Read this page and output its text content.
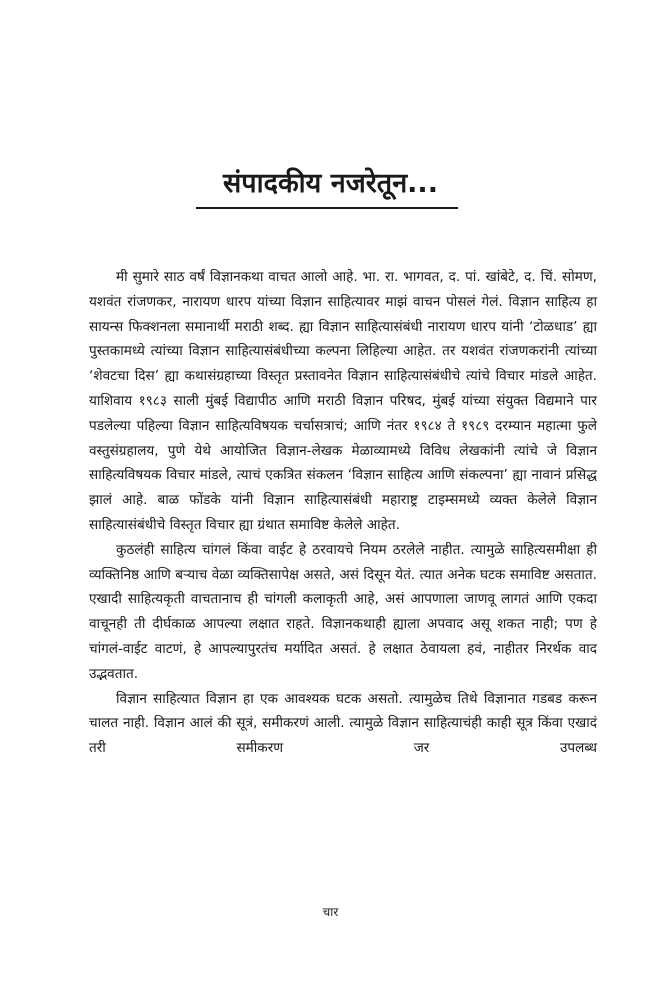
संपादकीय नजरेतून...

मी सुमारे साठ वर्षं विज्ञानकथा वाचत आलो आहे. भा. रा. भागवत, द. पां. खांबेटे, द. चिं. सोमण, यशवंत रांजणकर, नारायण धारप यांच्या विज्ञान साहित्यावर माझं वाचन पोसलं गेलं. विज्ञान साहित्य हा सायन्स फिक्शनला समानार्थी मराठी शब्द. ह्या विज्ञान साहित्यासंबंधी नारायण धारप यांनी ‘टोळधाड’ ह्या पुस्तकामध्ये त्यांच्या विज्ञान साहित्यासंबंधीच्या कल्पना लिहिल्या आहेत. तर यशवंत रांजणकरांनी त्यांच्या ‘शेवटचा दिस’ ह्या कथासंग्रहाच्या विस्तृत प्रस्तावनेत विज्ञान साहित्यासंबंधीचे त्यांचे विचार मांडले आहेत. याशिवाय १९८३ साली मुंबई विद्यापीठ आणि मराठी विज्ञान परिषद, मुंबई यांच्या संयुक्त विद्यमाने पार पडलेल्या पहिल्या विज्ञान साहित्यविषयक चर्चासत्राचं; आणि नंतर १९८४ ते १९८९ दरम्यान महात्मा फुले वस्तुसंग्रहालय, पुणे येथे आयोजित विज्ञान-लेखक मेळाव्यामध्ये विविध लेखकांनी त्यांचे जे विज्ञान साहित्यविषयक विचार मांडले, त्याचं एकत्रित संकलन ‘विज्ञान साहित्य आणि संकल्पना’ ह्या नावानं प्रसिद्ध झालं आहे. बाळ फोंडके यांनी विज्ञान साहित्यासंबंधी महाराष्ट्र टाइम्समध्ये व्यक्त केलेले विज्ञान साहित्यासंबंधीचे विस्तृत विचार ह्या ग्रंथात समाविष्ट केलेले आहेत.

कुठलंही साहित्य चांगलं किंवा वाईट हे ठरवायचे नियम ठरलेले नाहीत. त्यामुळे साहित्यसमीक्षा ही व्यक्तिनिष्ठ आणि बऱ्याच वेळा व्यक्तिसापेक्ष असते, असं दिसून येतं. त्यात अनेक घटक समाविष्ट असतात. एखादी साहित्यकृती वाचतानाच ही चांगली कलाकृती आहे, असं आपणाला जाणवू लागतं आणि एकदा वाचूनही ती दीर्घकाळ आपल्या लक्षात राहते. विज्ञानकथाही ह्याला अपवाद असू शकत नाही; पण हे चांगलं-वाईट वाटणं, हे आपल्यापुरतंच मर्यादित असतं. हे लक्षात ठेवायला हवं, नाहीतर निरर्थक वाद उद्भवतात.

विज्ञान साहित्यात विज्ञान हा एक आवश्यक घटक असतो. त्यामुळेच तिथे विज्ञानात गडबड करून चालत नाही. विज्ञान आलं की सूत्रं, समीकरणं आली. त्यामुळे विज्ञान साहित्याचंही काही सूत्र किंवा एखादं तरी समीकरण जर उपलब्ध

चार
